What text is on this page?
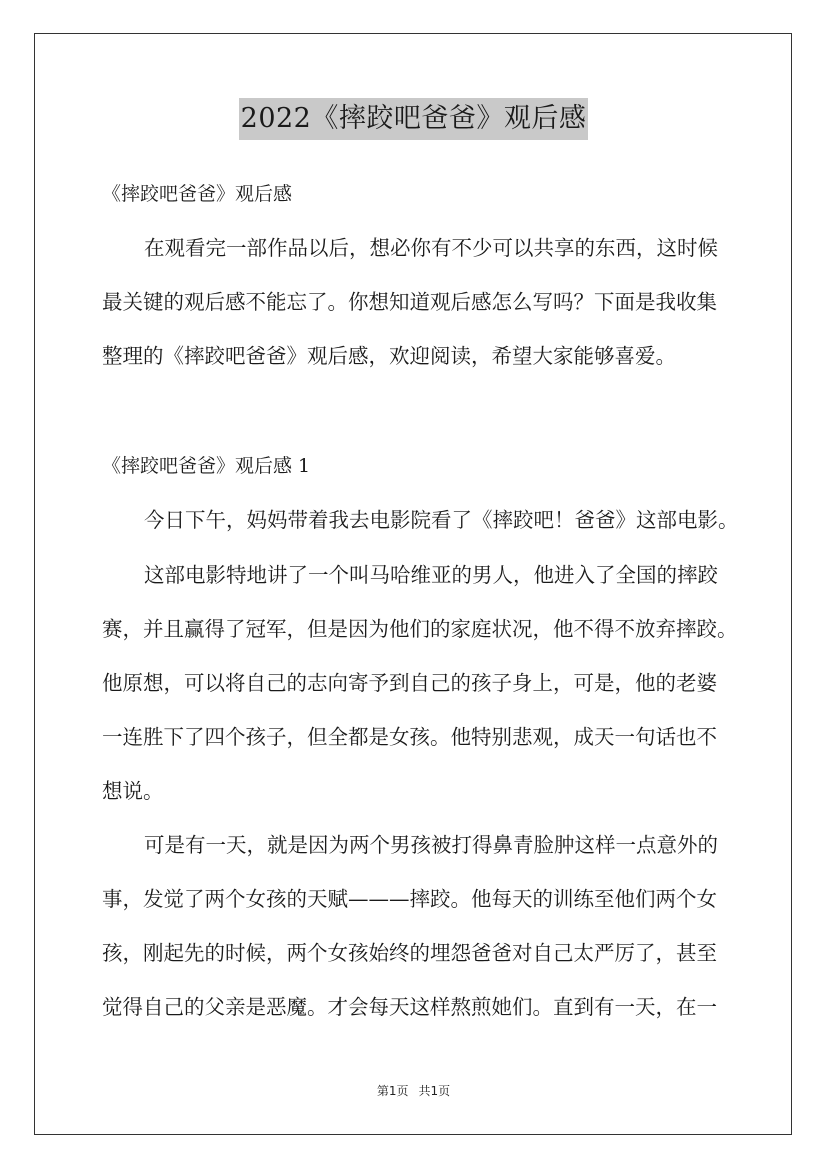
2022《摔跤吧爸爸》观后感
《摔跤吧爸爸》观后感
在观看完一部作品以后，想必你有不少可以共享的东西，这时候
最关键的观后感不能忘了。你想知道观后感怎么写吗？下面是我收集
整理的《摔跤吧爸爸》观后感，欢迎阅读，希望大家能够喜爱。
《摔跤吧爸爸》观后感 1
今日下午，妈妈带着我去电影院看了《摔跤吧！爸爸》这部电影。
这部电影特地讲了一个叫马哈维亚的男人，他进入了全国的摔跤
赛，并且赢得了冠军，但是因为他们的家庭状况，他不得不放弃摔跤。
他原想，可以将自己的志向寄予到自己的孩子身上，可是，他的老婆
一连胜下了四个孩子，但全都是女孩。他特别悲观，成天一句话也不
想说。
可是有一天，就是因为两个男孩被打得鼻青脸肿这样一点意外的
事，发觉了两个女孩的天赋———摔跤。他每天的训练至他们两个女
孩，刚起先的时候，两个女孩始终的埋怨爸爸对自己太严厉了，甚至
觉得自己的父亲是恶魔。才会每天这样熬煎她们。直到有一天，在一
第1页 共1页
